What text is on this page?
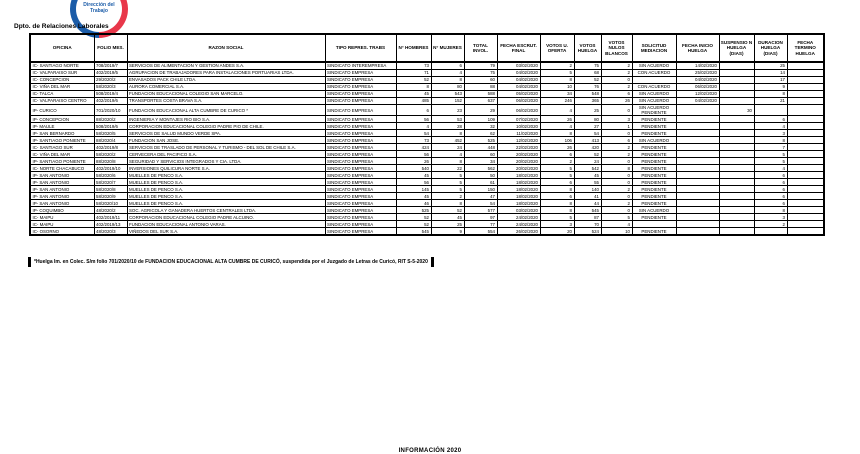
Dirección del Trabajo
Dpto. de Relaciones Laborales
OFICINA	FOLIO MES.	RAZON SOCIAL	TIPO REPRES. TRABS	N° HOMBRES	N° MUJERES	TOTAL INVOL.	FECHA ESCRUT. FINAL	VOTOS U. OFERTA	VOTOS HUELGA	VOTOS NULOS BLANCOS	SOLICITUD MEDIACION	FECHA INICIO HUELGA	SUSPENSIO N HUELGA (DIAS)	DURACION HUELGA (DIAS)	FECHA TERMINO HUELGA
IC- SANTIAGO NORTE	708/2019/7	SERVICIOS DE ALIMENTACION Y GESTION ANDES S.A.	SINDICATO INTEREMPRESA	73	6	79	03/02/2020	2	75	2	SIN ACUERDO	14/02/2020		25	
IC- VALPARAISO SUR	402/2019/5	AGRUPACION DE TRABAJADORES PARA INSTALACIONES PORTUARIAS LTDA.	SINDICATO EMPRESA	71	4	75	04/02/2020	5	68	2	CON ACUERDO	25/02/2020		14	
IC- CONCEPCION	29/2020/2	ENVASADOS PACK CHILE LTDA.	SINDICATO EMPRESA	52	8	60	04/02/2020	8	52	0		04/02/2020		17	
IC- VIÑA DEL MAR	58/2020/3	AURORA COMERCIAL S.A.	SINDICATO EMPRESA	8	80	88	04/02/2020	10	76	2	CON ACUERDO	06/02/2020		9	
IC- TALCA	508/2019/4	FUNDACION EDUCACIONAL COLEGIO SAN MARCELO.	SINDICATO EMPRESA	45	543	588	05/02/2020	34	548	6	SIN ACUERDO	12/02/2020		8	
IC- VALPARAISO CENTRO	402/2019/6	TRANSPORTES COSTA BRAVA S.A.	SINDICATO EMPRESA	485	152	637	06/02/2020	246	365	26	SIN ACUERDO	04/02/2020		21	
IP- CURICO	701/2020/10	FUNDACION EDUCACIONAL ALTA CUMBRE DE CURICO *	SINDICATO EMPRESA	6	23	29	06/02/2020	4	25	0	SIN ACUERDO PENDIENTE		30		
IP- CONCEPCION	88/2020/2	INGENIERIA Y MONTAJES RIO BIO S.A.	SINDICATO EMPRESA	56	53	109	07/02/2020	26	80	3	PENDIENTE			6	
IP- MAULE	508/2019/6	CORPORACION EDUCACIONAL COLEGIO PADRE PIO DE CHILE.	SINDICATO EMPRESA	4	28	32	10/02/2020	4	27	1	PENDIENTE			4	
IP- SAN BERNARDO	58/2020/5	SERVICIOS DE SALUD MUNDO VERDE SPA.	SINDICATO EMPRESA	54	8	62	11/02/2020	8	54	0	PENDIENTE			3	
IP- SANTIAGO PONIENTE	88/2020/4	FUNDACION SAN JOSE.	SINDICATO EMPRESA	73	452	525	12/02/2020	106	413	6	SIN ACUERDO			8	
IC- SANTIAGO SUR	402/2019/8	SERVICIOS DE TRASLADO DE PERSONAL Y TURISMO - DEL SOL DE CHILE S.A.	SINDICATO EMPRESA	424	24	448	22/02/2020	26	420	2	PENDIENTE			7	
IC- VIÑA DEL MAR	58/2020/2	CERVECERA DEL PACIFICO S.A.	SINDICATO EMPRESA	56	4	60	20/02/2020	6	52	2	PENDIENTE			5	
IP- SANTIAGO PONIENTE	88/2020/8	SEGURIDAD Y SERVICIOS INTEGRADOS Y CIA. LTDA.	SINDICATO EMPRESA	26	8	34	20/02/2020	2	24	0	PENDIENTE			5	
IC- NORTE CHACABUCO	402/2019/10	INVERSIONES QUILICURA NORTE S.A.	SINDICATO EMPRESA	540	22	562	20/02/2020	5	542	8	PENDIENTE			4	
IP- SAN ANTONIO	58/2020/6	MUELLES DE PENCO S.A.	SINDICATO EMPRESA	45	5	50	18/02/2020	5	45	0	PENDIENTE			6	
IP- SAN ANTONIO	58/2020/7	MUELLES DE PENCO S.A.	SINDICATO EMPRESA	56	5	61	18/02/2020	6	55	0	PENDIENTE			6	
IP- SAN ANTONIO	58/2020/8	MUELLES DE PENCO S.A.	SINDICATO EMPRESA	145	5	150	18/02/2020	8	140	2	PENDIENTE			6	
IP- SAN ANTONIO	58/2020/9	MUELLES DE PENCO S.A.	SINDICATO EMPRESA	45	2	47	18/02/2020	6	41	0	PENDIENTE			6	
IP- SAN ANTONIO	58/2020/10	MUELLES DE PENCO S.A.	SINDICATO EMPRESA	46	8	54	18/02/2020	8	44	2	PENDIENTE			6	
IP- COQUIMBO	48/2020/2	SOC. AGRICOLA Y GANADERA HUERTOS CENTRALES LTDA.	SINDICATO EMPRESA	525	52	577	03/02/2020	8	545	0	SIN ACUERDO			8	
IC- MAIPU	402/2019/11	CORPORACION EDUCACIONAL COLEGIO PADRE ALCUINO.	SINDICATO EMPRESA	52	45	97	24/02/2020	5	87	5	PENDIENTE			3	
IC- MAIPU	402/2019/13	FUNDACION EDUCACIONAL ANTONIO VARAS.	SINDICATO EMPRESA	52	25	77	24/02/2020	3	70	4				2	
IC- OSORNO	48/2020/3	VIÑEDOS DEL SUR S.A.	SINDICATO EMPRESA	545	9	554	26/02/2020	20	524	10	PENDIENTE				
*Huelga Im. en Colec. S/m folio 701/2020/10 de FUNDACION EDUCACIONAL ALTA CUMBRE DE CURICÓ, suspendida por el Juzgado de Letras de Curicó, RIT S-5-2020
INFORMACIÓN 2020
